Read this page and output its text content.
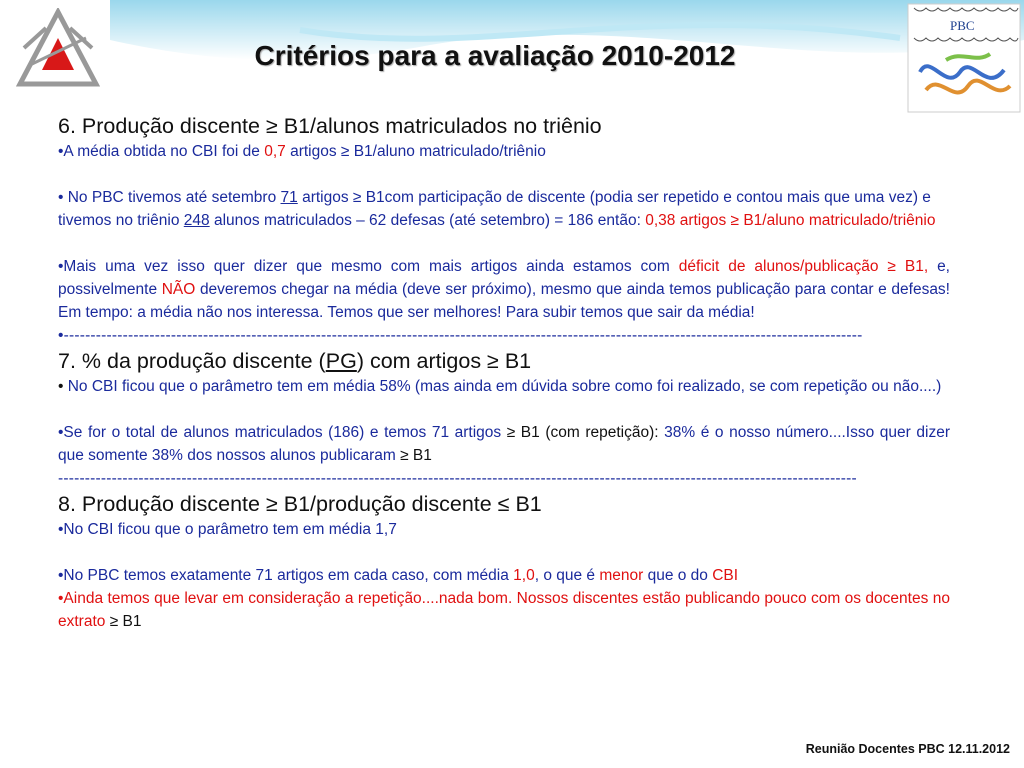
Critérios para a avaliação 2010-2012
PBC

6. Produção discente ≥ B1/alunos matriculados no triênio

•A média obtida no CBI foi de 0,7 artigos ≥ B1/aluno matriculado/triênio

• No PBC tivemos até setembro 71 artigos ≥ B1com participação de discente (podia ser repetido e contou mais que uma vez) e tivemos no triênio 248 alunos matriculados – 62 defesas (até setembro) = 186 então: 0,38 artigos ≥ B1/aluno matriculado/triênio

•Mais uma vez isso quer dizer que mesmo com mais artigos ainda estamos com déficit de alunos/publicação ≥ B1, e, possivelmente NÃO deveremos chegar na média (deve ser próximo), mesmo que ainda temos publicação para contar e defesas! Em tempo: a média não nos interessa. Temos que ser melhores! Para subir temos que sair da média!

•-----------------------------------------------------------------------------------------------------------------------------------------------------

7. % da produção discente (PG) com artigos ≥ B1

• No CBI ficou que o parâmetro tem em média 58% (mas ainda em dúvida sobre como foi realizado, se com repetição ou não....)

•Se for o total de alunos matriculados (186) e temos 71 artigos ≥ B1 (com repetição): 38% é o nosso número....Isso quer dizer que somente 38% dos nossos alunos publicaram ≥ B1

-----------------------------------------------------------------------------------------------------------------------------------------------------

8. Produção discente ≥ B1/produção discente ≤ B1

•No CBI ficou que o parâmetro tem em média 1,7

•No PBC temos exatamente 71 artigos em cada caso, com média 1,0, o que é menor que o do CBI

•Ainda temos que levar em consideração a repetição....nada bom. Nossos discentes estão publicando pouco com os docentes no extrato ≥ B1

Reunião Docentes PBC 12.11.2012
